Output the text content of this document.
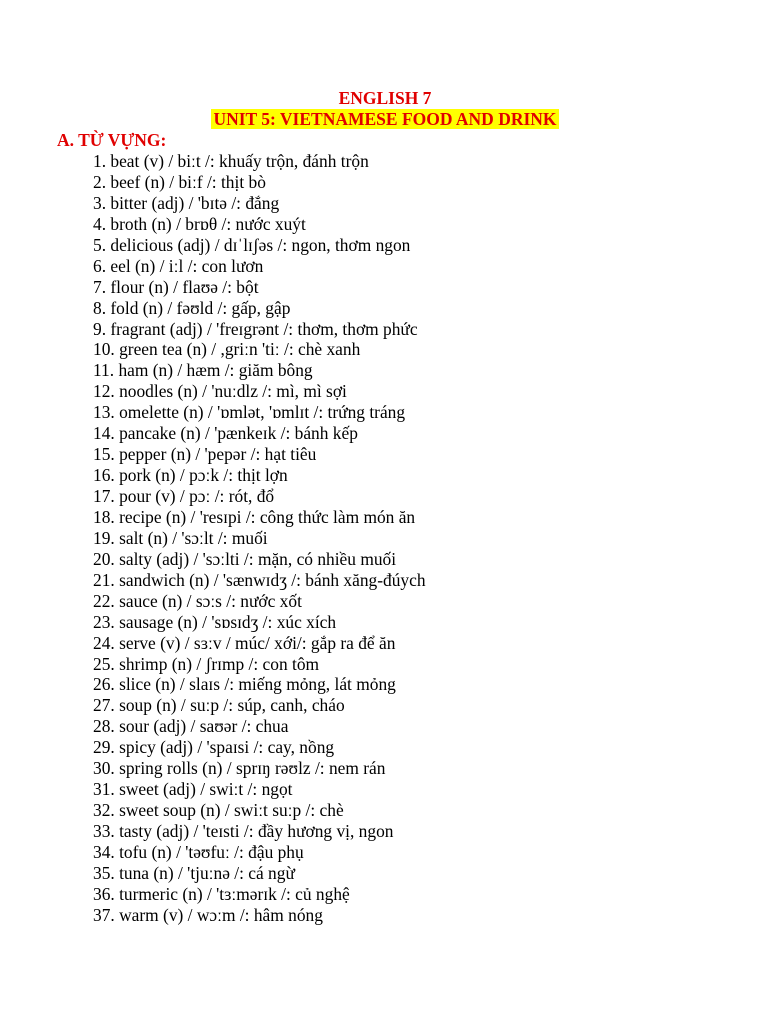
ENGLISH 7
UNIT 5: VIETNAMESE FOOD AND DRINK
A. TỪ VỰNG:
1. beat (v) / biːt /: khuấy trộn, đánh trộn
2. beef (n) / biːf /: thịt bò
3. bitter (adj) / 'bɪtə /: đắng
4. broth (n) / brɒθ /: nước xuýt
5. delicious (adj) / dɪˈlɪʃəs /: ngon, thơm ngon
6. eel (n) / iːl /: con lươn
7. flour (n) / flaʊə /: bột
8. fold (n) / fəʊld /: gấp, gập
9. fragrant (adj) / 'freɪgrənt /: thơm, thơm phức
10. green tea (n) / ,griːn 'tiː /: chè xanh
11. ham (n) / hæm /: giăm bông
12. noodles (n) / 'nuːdlz /: mì, mì sợi
13. omelette (n) / 'ɒmlət, 'ɒmlɪt /: trứng tráng
14. pancake (n) / 'pænkeɪk /: bánh kếp
15. pepper (n) / 'pepər /: hạt tiêu
16. pork (n) / pɔːk /: thịt lợn
17. pour (v) / pɔː /: rót, đổ
18. recipe (n) / 'resɪpi /: công thức làm món ăn
19. salt (n) / 'sɔːlt /: muối
20. salty (adj) / 'sɔːlti /: mặn, có nhiều muối
21. sandwich (n) / 'sænwɪdʒ /: bánh xăng-đúych
22. sauce (n) / sɔːs /: nước xốt
23. sausage (n) / 'sɒsɪdʒ /: xúc xích
24. serve (v) / sɜːv / múc/ xới/: gắp ra để ăn
25. shrimp (n) / ʃrɪmp /: con tôm
26. slice (n) / slaɪs /: miếng mỏng, lát mỏng
27. soup (n) / suːp /: súp, canh, cháo
28. sour (adj) / saʊər /: chua
29. spicy (adj) / 'spaɪsi /: cay, nồng
30. spring rolls (n) / sprɪŋ rəʊlz /: nem rán
31. sweet (adj) / swiːt /: ngọt
32. sweet soup (n) / swiːt suːp /: chè
33. tasty (adj) / 'teɪsti /: đầy hương vị, ngon
34. tofu (n) / 'təʊfuː /: đậu phụ
35. tuna (n) / 'tjuːnə /: cá ngừ
36. turmeric (n) / 'tɜːmərɪk /: củ nghệ
37. warm (v) / wɔːm /: hâm nóng
